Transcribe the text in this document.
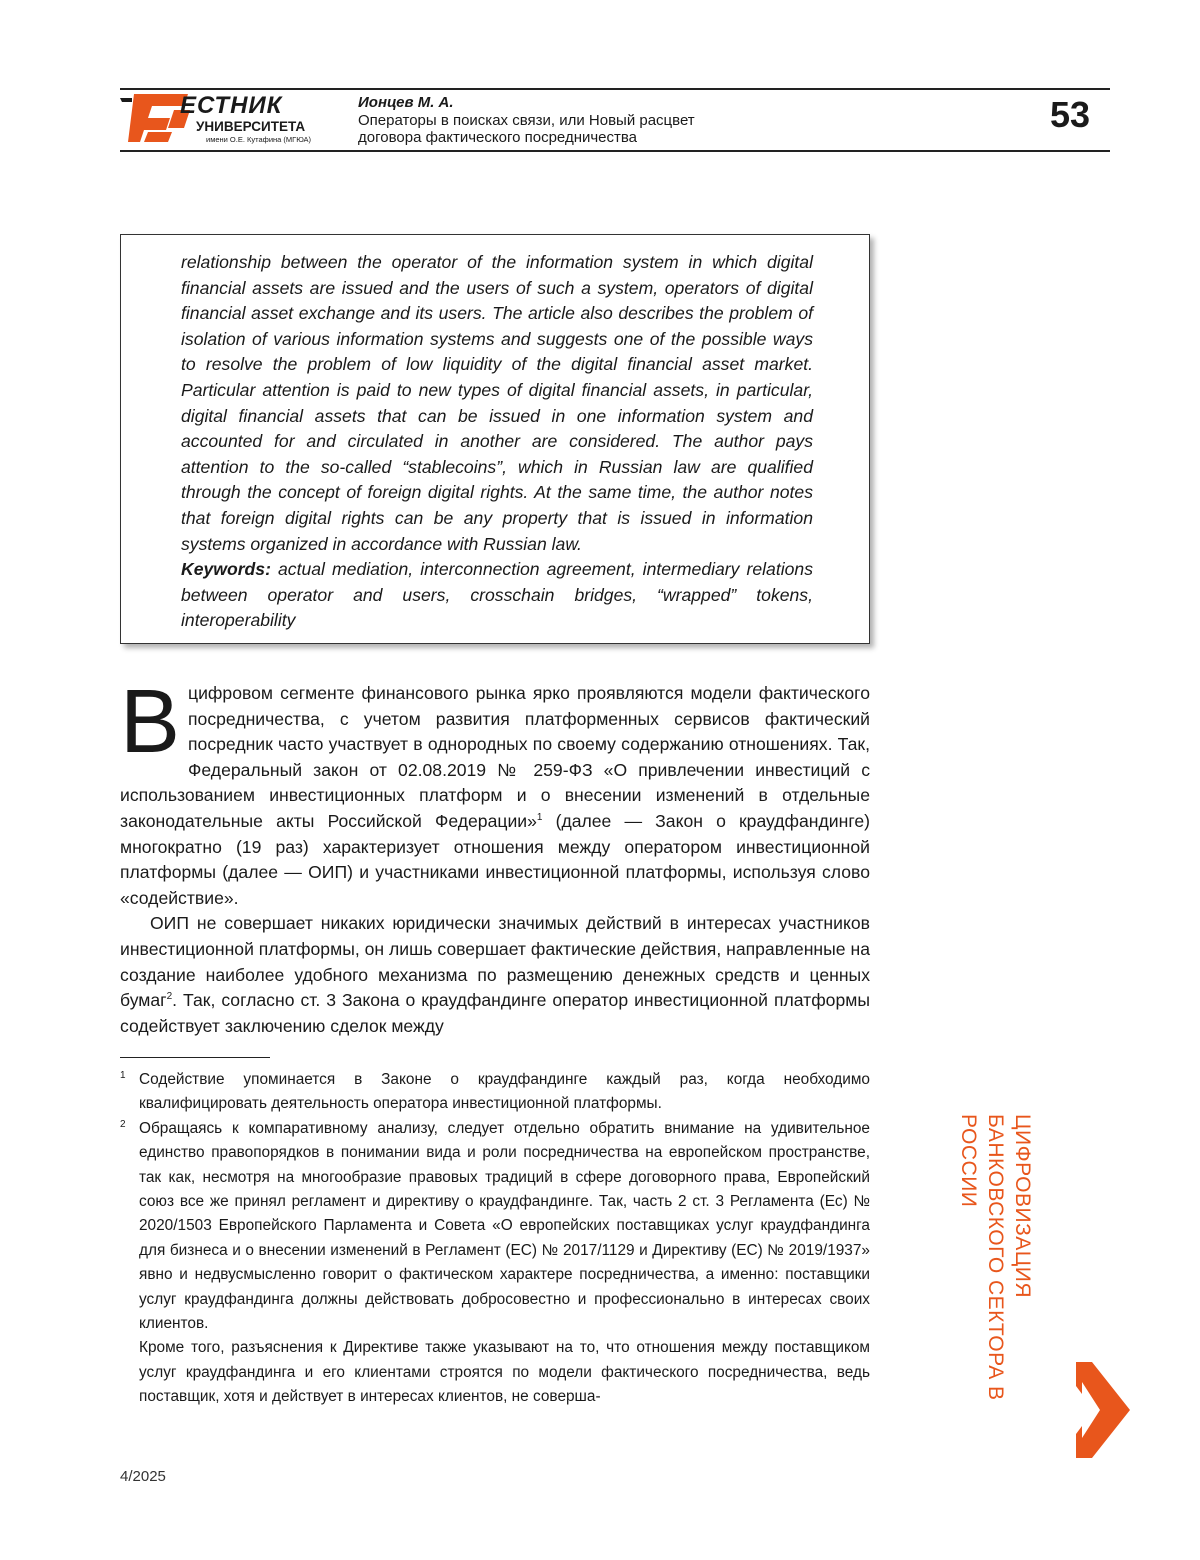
ЕСТНИК
УНИВЕРСИТЕТА
имени О.Е. Кутафина (МГЮА)
Ионцев М. А.
Операторы в поисках связи, или Новый расцвет
договора фактического посредничества
53
relationship between the operator of the information system in which digital financial assets are issued and the users of such a system, operators of digital financial asset exchange and its users. The article also describes the problem of isolation of various information systems and suggests one of the possible ways to resolve the problem of low liquidity of the digital financial asset market. Particular attention is paid to new types of digital financial assets, in particular, digital financial assets that can be issued in one information system and accounted for and circulated in another are considered. The author pays attention to the so-called “stablecoins”, which in Russian law are qualified through the concept of foreign digital rights. At the same time, the author notes that foreign digital rights can be any property that is issued in information systems organized in accordance with Russian law.
Keywords: actual mediation, interconnection agreement, intermediary relations between operator and users, crosschain bridges, “wrapped” tokens, interoperability

Вцифровом сегменте финансового рынка ярко проявляются модели фактического посредничества, с учетом развития платформенных сервисов фактический посредник часто участвует в однородных по своему содержанию отношениях. Так, Федеральный закон от 02.08.2019 № 259-ФЗ «О привлечении инвестиций с использованием инвестиционных платформ и о внесении изменений в отдельные законодательные акты Российской Федерации»$^1$ (далее — Закон о краудфандинге) многократно (19 раз) характеризует отношения между оператором инвестиционной платформы (далее — ОИП) и участниками инвестиционной платформы, используя слово «содействие».

ОИП не совершает никаких юридически значимых действий в интересах участников инвестиционной платформы, он лишь совершает фактические действия, направленные на создание наиболее удобного механизма по размещению денежных средств и ценных бумаг$^2$. Так, согласно ст. 3 Закона о краудфандинге оператор инвестиционной платформы содействует заключению сделок между

1 Содействие упоминается в Законе о краудфандинге каждый раз, когда необходимо квалифицировать деятельность оператора инвестиционной платформы.
2 Обращаясь к компаративному анализу, следует отдельно обратить внимание на удивительное единство правопорядков в понимании вида и роли посредничества на европейском пространстве, так как, несмотря на многообразие правовых традиций в сфере договорного права, Европейский союз все же принял регламент и директиву о краудфандинге. Так, часть 2 ст. 3 Регламента (Ес) № 2020/1503 Европейского Парламента и Совета «О европейских поставщиках услуг краудфандинга для бизнеса и о внесении изменений в Регламент (ЕС) № 2017/1129 и Директиву (ЕС) № 2019/1937» явно и недвусмысленно говорит о фактическом характере посредничества, а именно: поставщики услуг краудфандинга должны действовать добросовестно и профессионально в интересах своих клиентов.
Кроме того, разъяснения к Директиве также указывают на то, что отношения между поставщиком услуг краудфандинга и его клиентами строятся по модели фактического посредничества, ведь поставщик, хотя и действует в интересах клиентов, не соверша-
ЦИФРОВИЗАЦИЯ
БАНКОВСКОГО СЕКТОРА В
РОССИИ
4/2025
